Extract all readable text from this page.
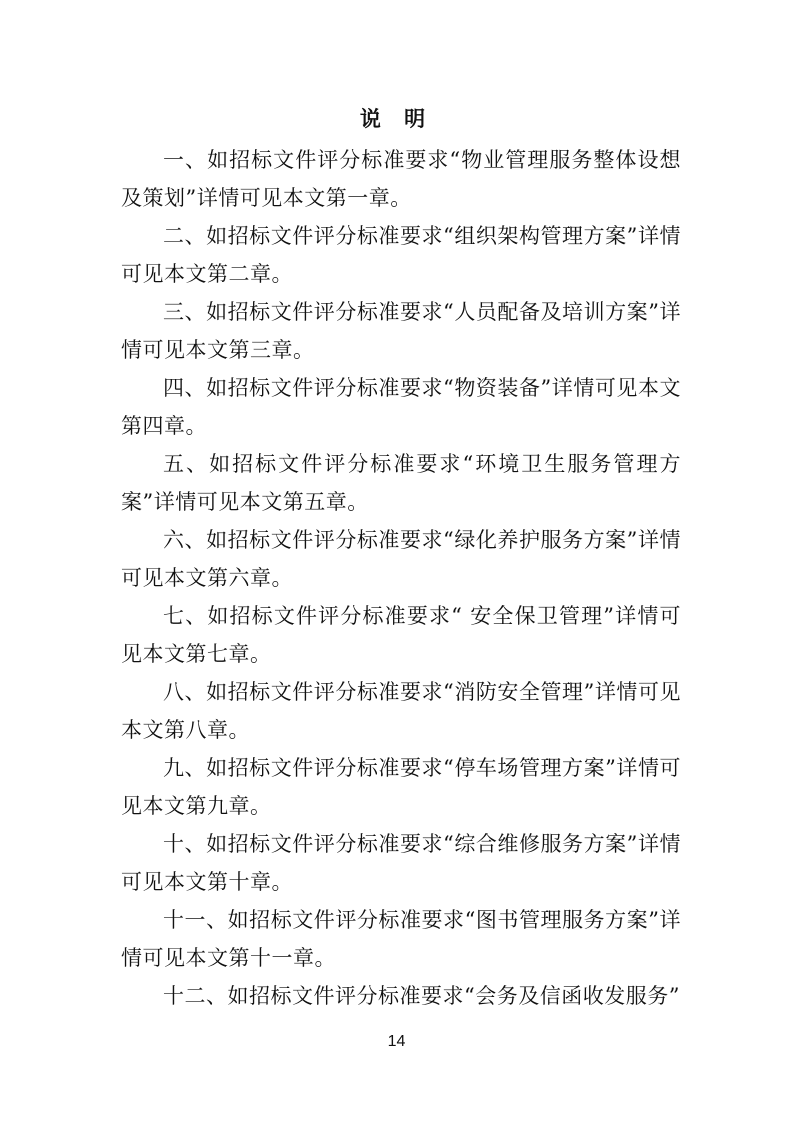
说 明

一、如招标文件评分标准要求“物业管理服务整体设想及策划”详情可见本文第一章。

二、如招标文件评分标准要求“组织架构管理方案”详情可见本文第二章。

三、如招标文件评分标准要求“人员配备及培训方案”详情可见本文第三章。

四、如招标文件评分标准要求“物资装备”详情可见本文第四章。

五、如招标文件评分标准要求“环境卫生服务管理方案”详情可见本文第五章。

六、如招标文件评分标准要求“绿化养护服务方案”详情可见本文第六章。

七、如招标文件评分标准要求“ 安全保卫管理”详情可见本文第七章。

八、如招标文件评分标准要求“消防安全管理”详情可见本文第八章。

九、如招标文件评分标准要求“停车场管理方案”详情可见本文第九章。

十、如招标文件评分标准要求“综合维修服务方案”详情可见本文第十章。

十一、如招标文件评分标准要求“图书管理服务方案”详情可见本文第十一章。

十二、如招标文件评分标准要求“会务及信函收发服务”

14
